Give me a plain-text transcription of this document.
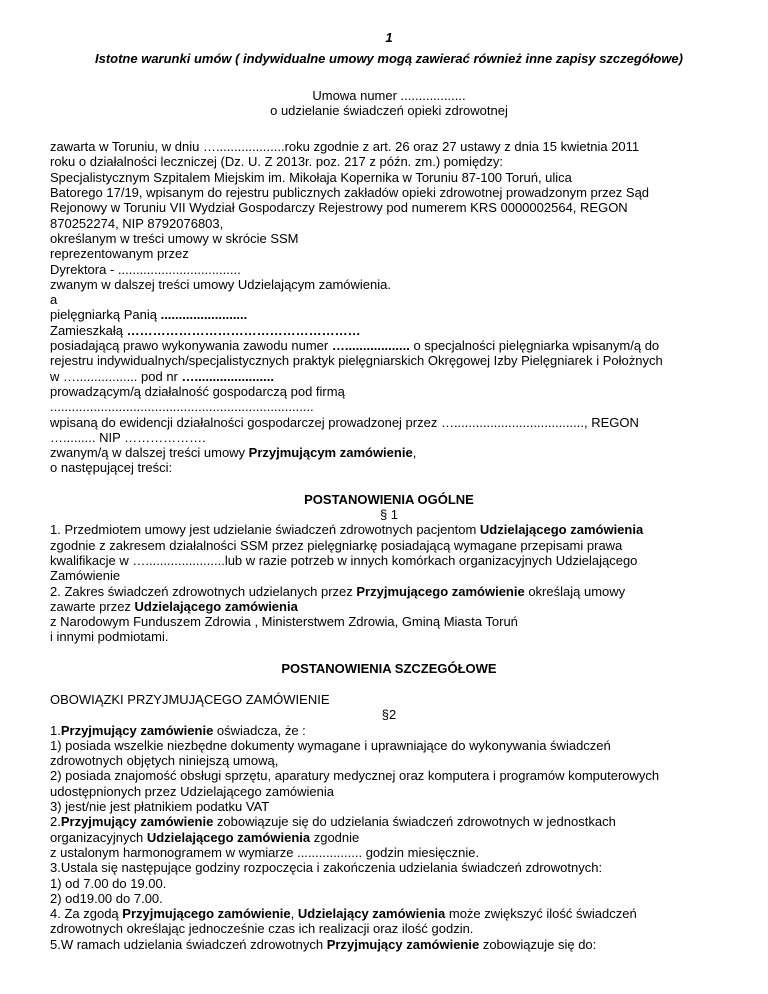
1
Istotne warunki umów ( indywidualne umowy mogą zawierać również inne zapisy szczegółowe)
Umowa numer ..................
o udzielanie świadczeń opieki zdrowotnej
zawarta w Toruniu, w dniu …...................roku zgodnie z art. 26 oraz 27 ustawy z dnia 15 kwietnia 2011
roku o działalności leczniczej (Dz. U. Z 2013r. poz. 217 z późn. zm.) pomiędzy:
Specjalistycznym Szpitalem Miejskim im. Mikołaja Kopernika w Toruniu 87-100 Toruń, ulica
Batorego 17/19, wpisanym do rejestru publicznych zakładów opieki zdrowotnej prowadzonym przez Sąd
Rejonowy w Toruniu VII Wydział Gospodarczy Rejestrowy pod numerem KRS 0000002564, REGON
870252274, NIP 8792076803,
określanym w treści umowy w skrócie SSM
reprezentowanym przez
Dyrektora - ..................................
zwanym w dalszej treści umowy Udzielającym zamówienia.
a
pielęgniarką Panią ........................
Zamieszkałą ………………………………………………
posiadającą prawo wykonywania zawodu numer ….................. o specjalności pielęgniarka wpisanym/ą do
rejestru indywidualnych/specjalistycznych praktyk pielęgniarskich Okręgowej Izby Pielęgniarek i Położnych
w …................. pod nr …......................
prowadzącym/ą działalność gospodarczą pod firmą
.........................................................................
wpisaną do ewidencji działalności gospodarczej prowadzonej przez …...................................., REGON
…......... NIP ……………….
zwanym/ą w dalszej treści umowy Przyjmującym zamówienie,
o następującej treści:
POSTANOWIENIA OGÓLNE
§ 1
1. Przedmiotem umowy jest udzielanie świadczeń zdrowotnych pacjentom Udzielającego zamówienia
zgodnie z zakresem działalności SSM przez pielęgniarkę posiadającą wymagane przepisami prawa
kwalifikacje w …......................lub w razie potrzeb w innych komórkach organizacyjnych Udzielającego
Zamówienie
2. Zakres świadczeń zdrowotnych udzielanych przez Przyjmującego zamówienie określają umowy
zawarte przez Udzielającego zamówienia
z Narodowym Funduszem Zdrowia , Ministerstwem Zdrowia, Gminą Miasta Toruń
i innymi podmiotami.
POSTANOWIENIA SZCZEGÓŁOWE
OBOWIĄZKI PRZYJMUJĄCEGO ZAMÓWIENIE
§2
1.Przyjmujący zamówienie oświadcza, że :
1) posiada wszelkie niezbędne dokumenty wymagane i uprawniające do wykonywania świadczeń
zdrowotnych objętych niniejszą umową,
2) posiada znajomość obsługi sprzętu, aparatury medycznej oraz komputera i programów komputerowych
udostępnionych przez Udzielającego zamówienia
3) jest/nie jest płatnikiem podatku VAT
2.Przyjmujący zamówienie zobowiązuje się do udzielania świadczeń zdrowotnych w jednostkach
organizacyjnych Udzielającego zamówienia zgodnie
z ustalonym harmonogramem w wymiarze .................. godzin miesięcznie.
3.Ustala się następujące godziny rozpoczęcia i zakończenia udzielania świadczeń zdrowotnych:
1) od 7.00 do 19.00.
2) od19.00 do 7.00.
4. Za zgodą Przyjmującego zamówienie, Udzielający zamówienia może zwiększyć ilość świadczeń
zdrowotnych określając jednocześnie czas ich realizacji oraz ilość godzin.
5.W ramach udzielania świadczeń zdrowotnych Przyjmujący zamówienie zobowiązuje się do:
